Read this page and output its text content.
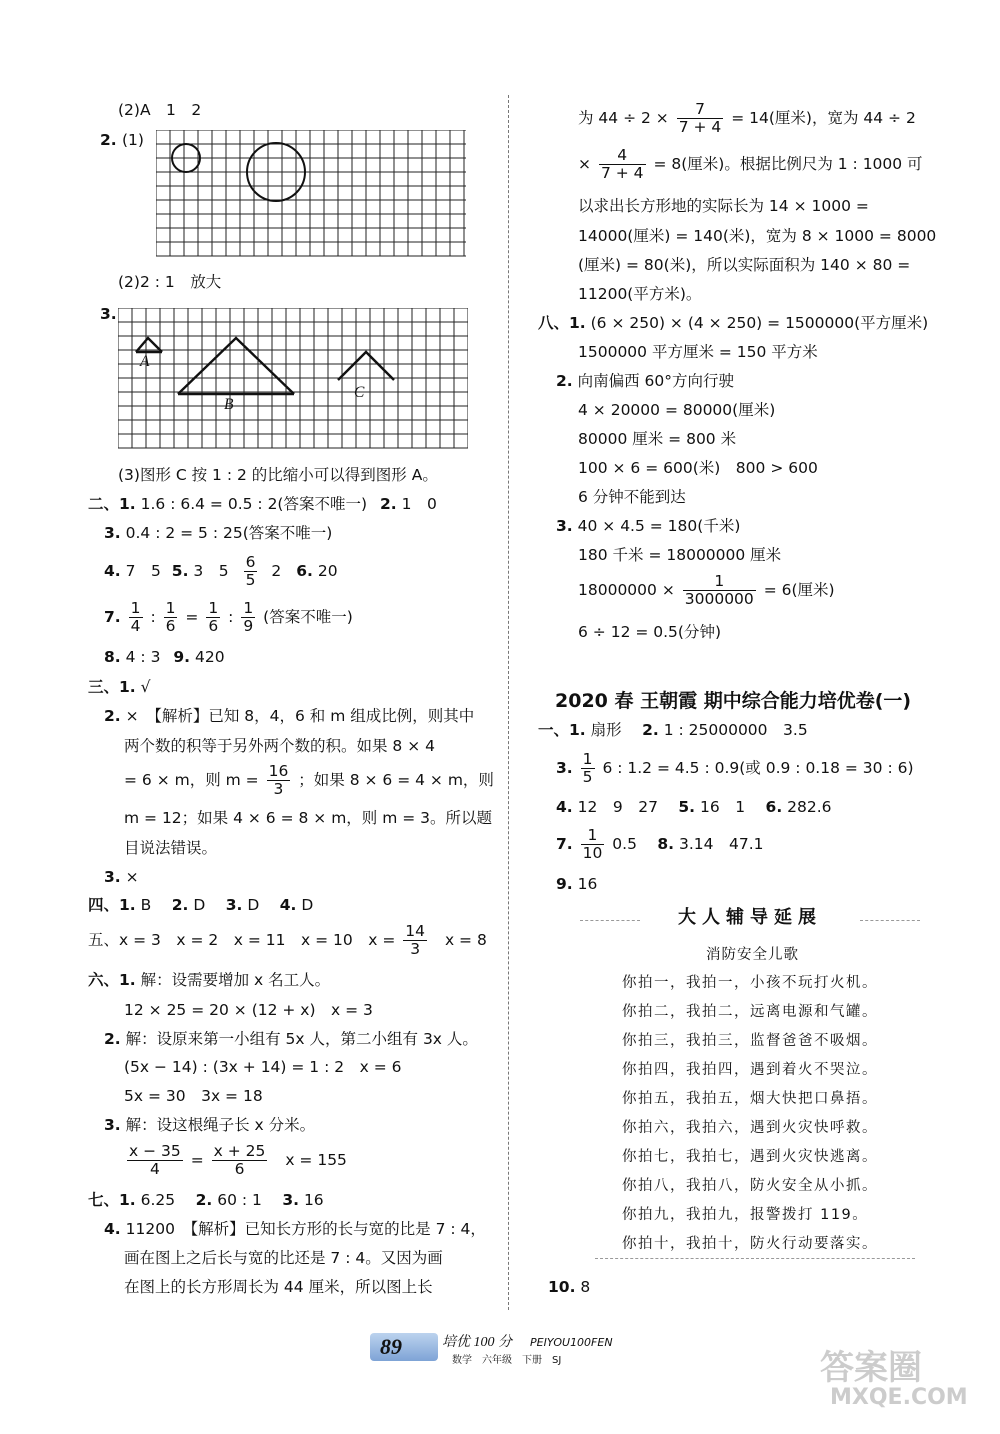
(2)A　1　2
2. (1)
(2)2 : 1　放大
3.
A
B
C
(3)图形 C 按 1 : 2 的比缩小可以得到图形 A。
二、1. 1.6 : 6.4 = 0.5 : 2(答案不唯一) 2. 1　0
3. 0.4 : 2 = 5 : 25(答案不唯一)
4. 7　5 5. 3　$5 \frac{6}{5} 2$ 6. 20
7. $\frac{1}{4}$ : $\frac{1}{6} = \frac{1}{6}$ : $\frac{1}{9}$ (答案不唯一)
8. 4 : 3 9. 420
三、1. √
2. ×　【解析】已知 8，4，6 和 m 组成比例，则其中
两个数的积等于另外两个数的积。如果 8 × 4
= 6 × m，则 $m = \frac{16}{3}$ ；如果 8 × 6 = 4 × m，则
m = 12；如果 4 × 6 = 8 × m，则 m = 3。所以题
目说法错误。
3. ×
四、1. B　 2. D　 3. D　 4. D
五、x = 3　x = 2　x = 11　x = 10　$x = \frac{14}{3}$ x = 8
六、1. 解：设需要增加 x 名工人。
12 × 25 = 20 × (12 + x)　x = 3
2. 解：设原来第一小组有 5x 人，第二小组有 3x 人。
(5x − 14) : (3x + 14) = 1 : 2　x = 6
5x = 30　3x = 18
3. 解：设这根绳子长 x 分米。
$\frac{x - 35}{4} = \frac{x + 25}{6}$ x = 155
七、1. 6.25　 2. 60 : 1　 3. 16
4. 11200　【解析】已知长方形的长与宽的比是 7 : 4，
画在图上之后长与宽的比还是 7 : 4。又因为画
在图上的长方形周长为 44 厘米，所以图上长
为 $44 \div 2 \times \frac{7}{7 + 4} = 14$(厘米)，宽为 44 ÷ 2
× $\frac{4}{7 + 4} = 8$(厘米)。根据比例尺为 1 : 1000 可
以求出长方形地的实际长为 14 × 1000 =
14000(厘米) = 140(米)，宽为 8 × 1000 = 8000
(厘米) = 80(米)，所以实际面积为 140 × 80 =
11200(平方米)。
八、1. (6 × 250) × (4 × 250) = 1500000(平方厘米)
1500000 平方厘米 = 150 平方米
2. 向南偏西 60°方向行驶
4 × 20000 = 80000(厘米)
80000 厘米 = 800 米
100 × 6 = 600(米)　800 > 600
6 分钟不能到达
3. 40 × 4.5 = 180(千米)
180 千米 = 18000000 厘米
$18000000 \times \frac{1}{3000000} = 6$(厘米)
6 ÷ 12 = 0.5(分钟)
2020 春 王朝霞 期中综合能力培优卷(一)
一、1. 扇形　 2. 1 : 25000000　3.5
3. $\frac{1}{5} 6$ : 1.2 = 4.5 : 0.9(或 0.9 : 0.18 = 30 : 6)
4. 12　9　27　 5. 16　1　 6. 282.6
7. $\frac{1}{10} 0.5$　 8. 3.14　47.1
9. 16
大人辅导延展
消防安全儿歌
你拍一，我拍一，小孩不玩打火机。
你拍二，我拍二，远离电源和气罐。
你拍三，我拍三，监督爸爸不吸烟。
你拍四，我拍四，遇到着火不哭泣。
你拍五，我拍五，烟大快把口鼻捂。
你拍六，我拍六，遇到火灾快呼救。
你拍七，我拍七，遇到火灾快逃离。
你拍八，我拍八，防火安全从小抓。
你拍九，我拍九，报警拨打 119。
你拍十，我拍十，防火行动要落实。
10. 8
89	培优 100 分 PEIYOU100FEN
数学　六年级　下册　SJ	答案圈
MXQE.COM
